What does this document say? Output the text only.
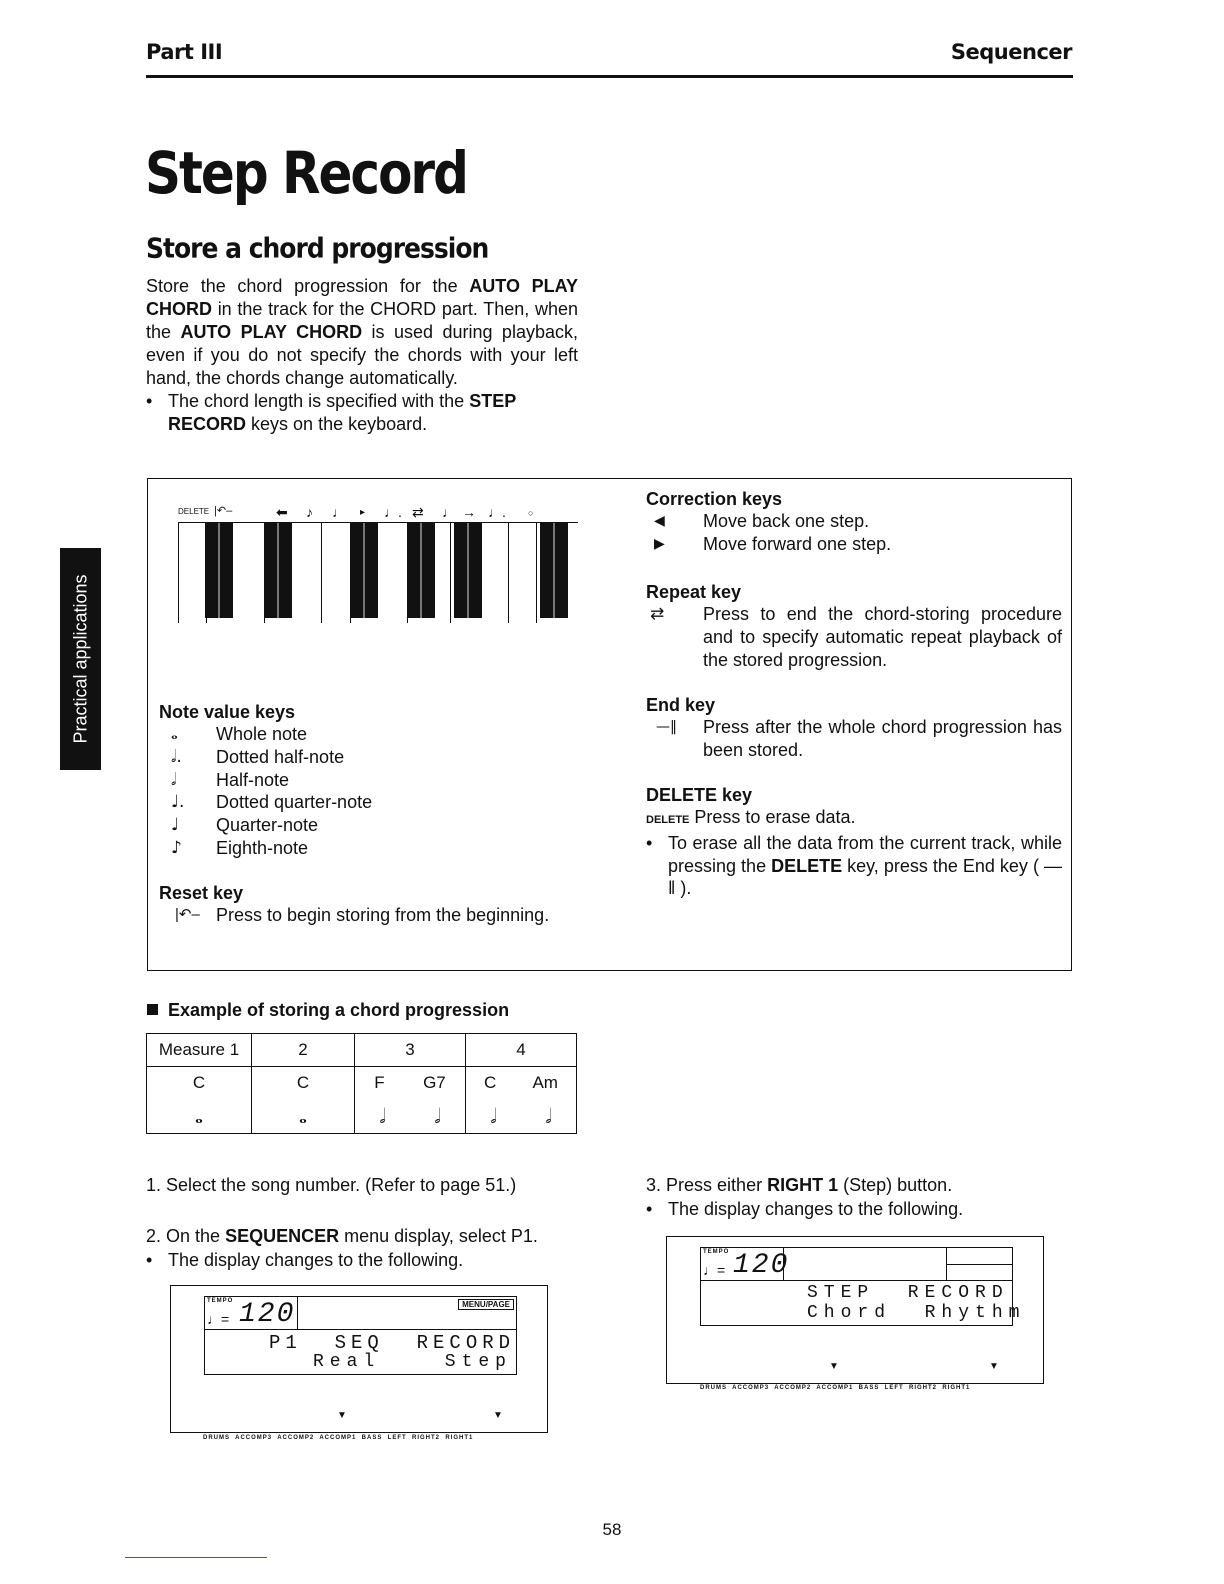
Part III	Sequencer
Step Record
Store a chord progression
Store the chord progression for the AUTO PLAY CHORD in the track for the CHORD part. Then, when the AUTO PLAY CHORD is used during playback, even if you do not specify the chords with your left hand, the chords change automatically.
• The chord length is specified with the STEP RECORD keys on the keyboard.
Practical applications
DELETE |↶–	⬅  ♪ ♩ ▸ ♩. ⇄ ♩ → ♩. ○
Note value keys
𝅝	Whole note
𝅗𝅥.	Dotted half-note
𝅗𝅥	Half-note
♩.	Dotted quarter-note
♩	Quarter-note
♪	Eighth-note
Reset key
|↶– Press to begin storing from the beginning.
Correction keys
◀	Move back one step.
▶	Move forward one step.
Repeat key
⇄	Press to end the chord-storing procedure and to specify automatic repeat playback of the stored progression.
End key
—‖	Press after the whole chord progression has been stored.
DELETE key
DELETE Press to erase data.
• To erase all the data from the current track, while pressing the DELETE key, press the End key ( —‖ ).
Example of storing a chord progression
Measure 1	2	3	4
C	C	F G7	C Am

𝅝	𝅝	𝅗𝅥 𝅗𝅥	𝅗𝅥 𝅗𝅥
1. Select the song number. (Refer to page 51.)
2. On the SEQUENCER menu display, select P1.
• The display changes to the following.
3. Press either RIGHT 1 (Step) button.
• The display changes to the following.
TEMPO
♩= 120	MENU/PAGE
P1  SEQ  RECORD
Real	Step
▼	▼
DRUMS  ACCOMP3  ACCOMP2  ACCOMP1  BASS  LEFT  RIGHT2  RIGHT1
TEMPO
♩= 120
STEP  RECORD
Chord  Rhythm
▼	▼
DRUMS  ACCOMP3  ACCOMP2  ACCOMP1  BASS  LEFT  RIGHT2  RIGHT1
58
